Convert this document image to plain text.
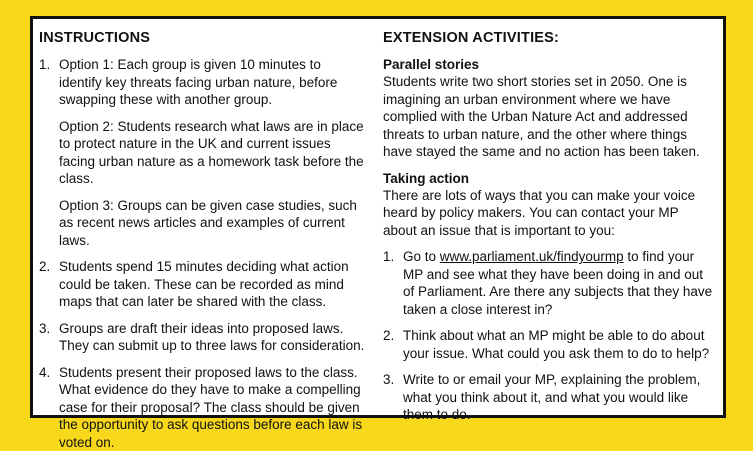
INSTRUCTIONS
1. Option 1: Each group is given 10 minutes to identify key threats facing urban nature, before swapping these with another group.

Option 2: Students research what laws are in place to protect nature in the UK and current issues facing urban nature as a homework task before the class.

Option 3: Groups can be given case studies, such as recent news articles and examples of current laws.

2. Students spend 15 minutes deciding what action could be taken. These can be recorded as mind maps that can later be shared with the class.

3. Groups are draft their ideas into proposed laws. They can submit up to three laws for consideration.

4. Students present their proposed laws to the class. What evidence do they have to make a compelling case for their proposal? The class should be given the opportunity to ask questions before each law is voted on.

EXTENSION ACTIVITIES:
Parallel stories

Students write two short stories set in 2050. One is imagining an urban environment where we have complied with the Urban Nature Act and addressed threats to urban nature, and the other where things have stayed the same and no action has been taken.

Taking action

There are lots of ways that you can make your voice heard by policy makers. You can contact your MP about an issue that is important to you:

1. Go to www.parliament.uk/findyourmp to find your MP and see what they have been doing in and out of Parliament. Are there any subjects that they have taken a close interest in?

2. Think about what an MP might be able to do about your issue. What could you ask them to do to help?

3. Write to or email your MP, explaining the problem, what you think about it, and what you would like them to do.
